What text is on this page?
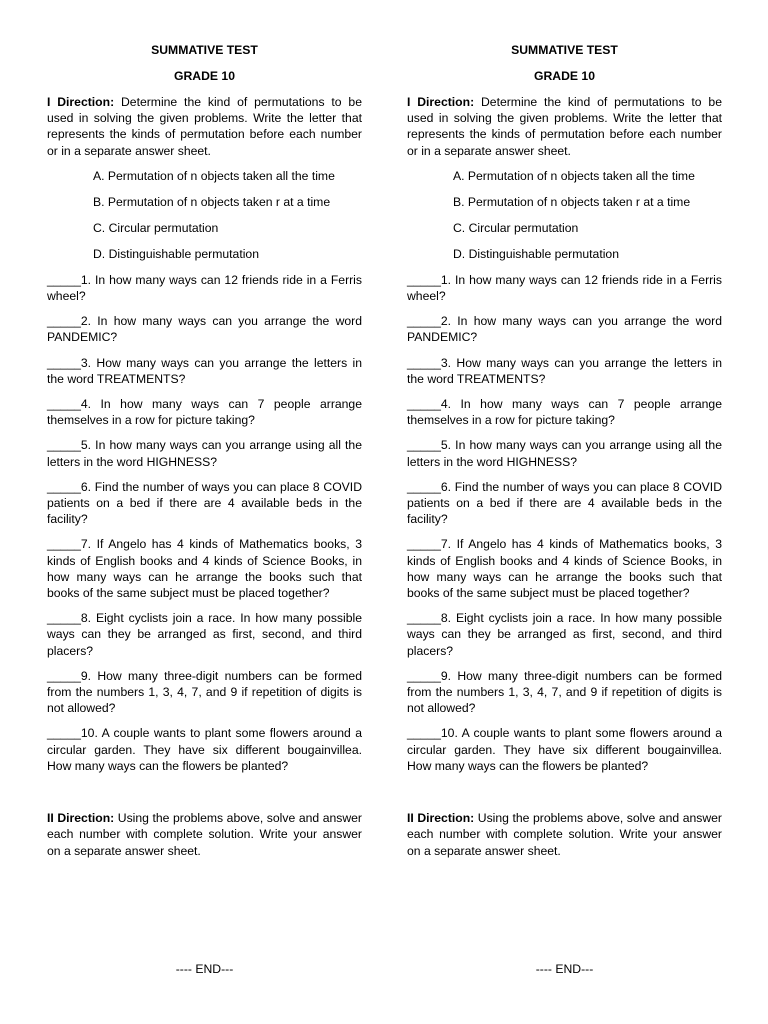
SUMMATIVE TEST

GRADE 10

I Direction: Determine the kind of permutations to be used in solving the given problems. Write the letter that represents the kinds of permutation before each number or in a separate answer sheet.

A. Permutation of n objects taken all the time
B. Permutation of n objects taken r at a time
C. Circular permutation
D. Distinguishable permutation
_____1. In how many ways can 12 friends ride in a Ferris wheel?
_____2. In how many ways can you arrange the word PANDEMIC?
_____3. How many ways can you arrange the letters in the word TREATMENTS?
_____4. In how many ways can 7 people arrange themselves in a row for picture taking?
_____5. In how many ways can you arrange using all the letters in the word HIGHNESS?
_____6. Find the number of ways you can place 8 COVID patients on a bed if there are 4 available beds in the facility?
_____7. If Angelo has 4 kinds of Mathematics books, 3 kinds of English books and 4 kinds of Science Books, in how many ways can he arrange the books such that books of the same subject must be placed together?
_____8. Eight cyclists join a race. In how many possible ways can they be arranged as first, second, and third placers?
_____9. How many three-digit numbers can be formed from the numbers 1, 3, 4, 7, and 9 if repetition of digits is not allowed?
_____10. A couple wants to plant some flowers around a circular garden. They have six different bougainvillea. How many ways can the flowers be planted?

II Direction: Using the problems above, solve and answer each number with complete solution. Write your answer on a separate answer sheet.

---- END---

SUMMATIVE TEST

GRADE 10

I Direction: Determine the kind of permutations to be used in solving the given problems. Write the letter that represents the kinds of permutation before each number or in a separate answer sheet.

A. Permutation of n objects taken all the time
B. Permutation of n objects taken r at a time
C. Circular permutation
D. Distinguishable permutation
_____1. In how many ways can 12 friends ride in a Ferris wheel?
_____2. In how many ways can you arrange the word PANDEMIC?
_____3. How many ways can you arrange the letters in the word TREATMENTS?
_____4. In how many ways can 7 people arrange themselves in a row for picture taking?
_____5. In how many ways can you arrange using all the letters in the word HIGHNESS?
_____6. Find the number of ways you can place 8 COVID patients on a bed if there are 4 available beds in the facility?
_____7. If Angelo has 4 kinds of Mathematics books, 3 kinds of English books and 4 kinds of Science Books, in how many ways can he arrange the books such that books of the same subject must be placed together?
_____8. Eight cyclists join a race. In how many possible ways can they be arranged as first, second, and third placers?
_____9. How many three-digit numbers can be formed from the numbers 1, 3, 4, 7, and 9 if repetition of digits is not allowed?
_____10. A couple wants to plant some flowers around a circular garden. They have six different bougainvillea. How many ways can the flowers be planted?

II Direction: Using the problems above, solve and answer each number with complete solution. Write your answer on a separate answer sheet.

---- END---
